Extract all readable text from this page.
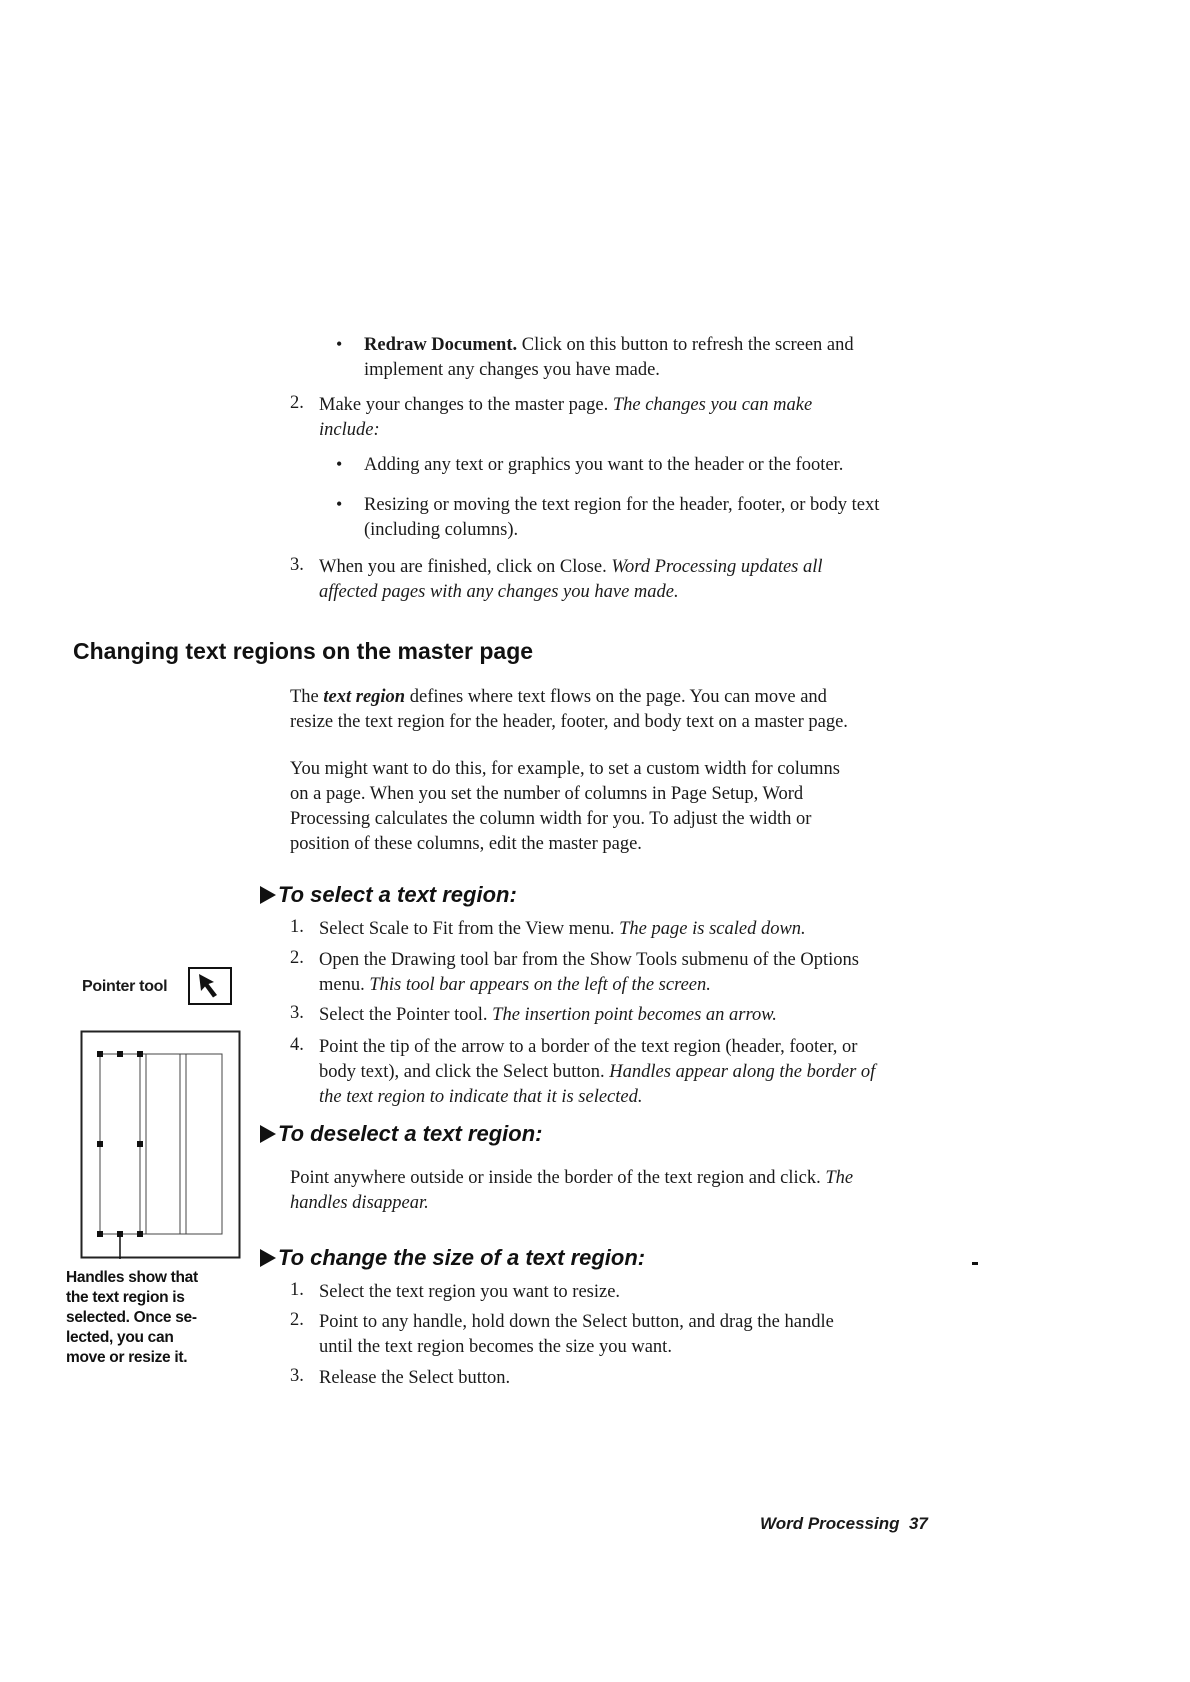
• Redraw Document. Click on this button to refresh the screen and
implement any changes you have made.
2. Make your changes to the master page. The changes you can make
include:
• Adding any text or graphics you want to the header or the footer.
• Resizing or moving the text region for the header, footer, or body text
(including columns).
3. When you are finished, click on Close. Word Processing updates all
affected pages with any changes you have made.
Changing text regions on the master page
The text region defines where text flows on the page. You can move and
resize the text region for the header, footer, and body text on a master page.
You might want to do this, for example, to set a custom width for columns
on a page. When you set the number of columns in Page Setup, Word
Processing calculates the column width for you. To adjust the width or
position of these columns, edit the master page.
To select a text region:
1. Select Scale to Fit from the View menu. The page is scaled down.
2. Open the Drawing tool bar from the Show Tools submenu of the Options
menu. This tool bar appears on the left of the screen.
3. Select the Pointer tool. The insertion point becomes an arrow.
4. Point the tip of the arrow to a border of the text region (header, footer, or
body text), and click the Select button. Handles appear along the border of
the text region to indicate that it is selected.
To deselect a text region:
Point anywhere outside or inside the border of the text region and click. The
handles disappear.
To change the size of a text region:
1. Select the text region you want to resize.
2. Point to any handle, hold down the Select button, and drag the handle
until the text region becomes the size you want.
3. Release the Select button.
Pointer tool
Handles show that
the text region is
selected. Once se-
lected, you can
move or resize it.
Word Processing 37
